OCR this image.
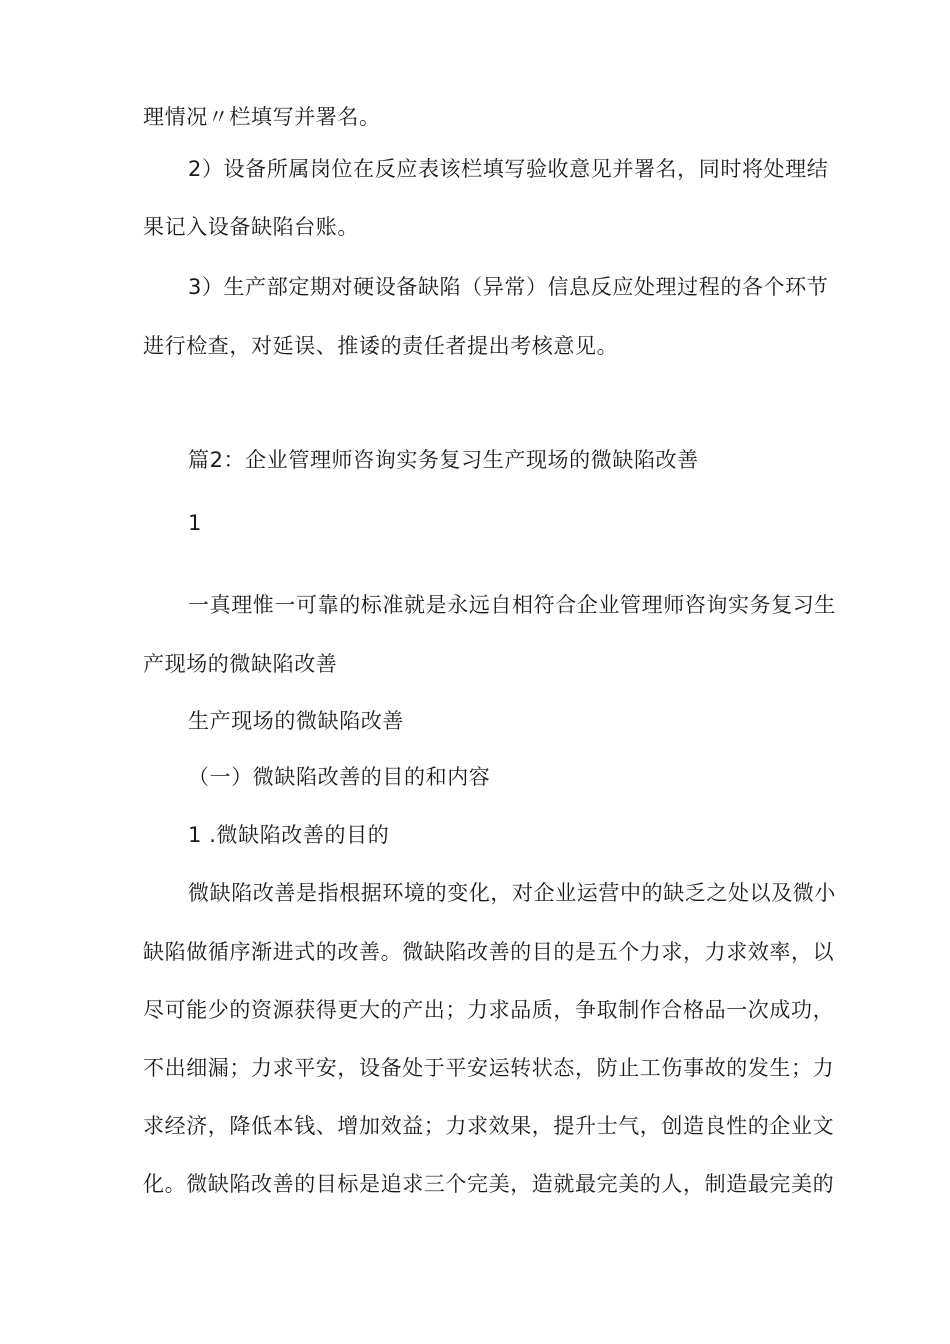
理情况〃栏填写并署名。
2）设备所属岗位在反应表该栏填写验收意见并署名，同时将处理结
果记入设备缺陷台账。
3）生产部定期对硬设备缺陷（异常）信息反应处理过程的各个环节
进行检查，对延误、推诿的责任者提出考核意见。
篇2：企业管理师咨询实务复习生产现场的微缺陷改善
1
一真理惟一可靠的标准就是永远自相符合企业管理师咨询实务复习生
产现场的微缺陷改善
生产现场的微缺陷改善
（一）微缺陷改善的目的和内容
1 .微缺陷改善的目的
微缺陷改善是指根据环境的变化，对企业运营中的缺乏之处以及微小
缺陷做循序渐进式的改善。微缺陷改善的目的是五个力求，力求效率，以
尽可能少的资源获得更大的产出；力求品质，争取制作合格品一次成功，
不出细漏；力求平安，设备处于平安运转状态，防止工伤事故的发生；力
求经济，降低本钱、增加效益；力求效果，提升士气，创造良性的企业文
化。微缺陷改善的目标是追求三个完美，造就最完美的人，制造最完美的
